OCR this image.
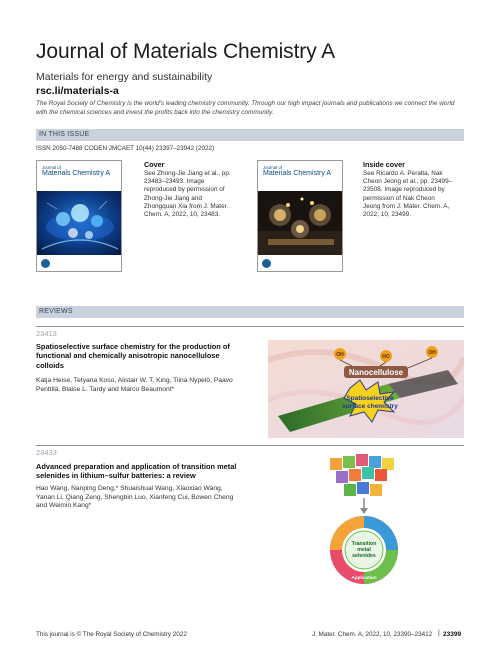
Journal of Materials Chemistry A
Materials for energy and sustainability
rsc.li/materials-a
The Royal Society of Chemistry is the world's leading chemistry community. Through our high impact journals and publications we connect the world with the chemical sciences and invest the profits back into the chemistry community.
IN THIS ISSUE
ISSN 2050-7488 CODEN JMCAET 10(44) 23397–23942 (2022)
Journal of
Materials Chemistry A
Cover
See Zhong-Jie Jiang et al., pp. 23483–23493. Image reproduced by permission of Zhong-Jie Jiang and Zhongquan Xia from J. Mater. Chem. A, 2022, 10, 23483.
Journal of
Materials Chemistry A
Inside cover
See Ricardo A. Peralta, Nak Cheon Jeong et al., pp. 23499–23508. Image reproduced by permission of Nak Cheon Jeong from J. Mater. Chem. A, 2022, 10, 23499.
REVIEWS
23413
Spatioselective surface chemistry for the production of functional and chemically anisotropic nanocellulose colloids
Katja Heise, Tetyana Koso, Alistair W. T. King, Tiina Nypelö, Paavo Penttilä, Blaise L. Tardy and Marco Beaumont*
Nanocellulose
OH	HO
OH
Spatioselective
surface chemistry
23433
Advanced preparation and application of transition metal selenides in lithium–sulfur batteries: a review
Hao Wang, Nanping Deng,* Shuaishuai Wang, Xiaoxiao Wang, Yanan Li, Qiang Zeng, Shengbin Luo, Xianfeng Cui, Bowen Cheng and Weimin Kang*
Transition
metal
selenides
Application
This journal is © The Royal Society of Chemistry 2022	J. Mater. Chem. A, 2022, 10, 23390–23412 | 23399
